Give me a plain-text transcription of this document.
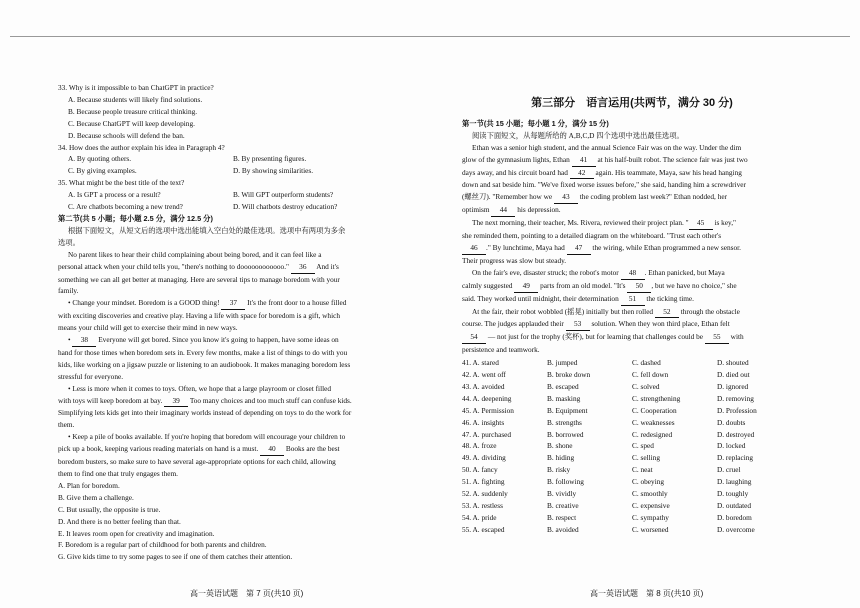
33. Why is it impossible to ban ChatGPT in practice?
A. Because students will likely find solutions.
B. Because people treasure critical thinking.
C. Because ChatGPT will keep developing.
D. Because schools will defend the ban.
34. How does the author explain his idea in Paragraph 4?
A. By quoting others.	B. By presenting figures.
C. By giving examples.	D. By showing similarities.
35. What might be the best title of the text?
A. Is GPT a process or a result?	B. Will GPT outperform students?
C. Are chatbots becoming a new trend?	D. Will chatbots destroy education?
第二节(共 5 小题；每小题 2.5 分，满分 12.5 分)
根据下面短文，从短文后的选项中选出能填入空白处的最佳选项。选项中有两项为多余
选项。
No parent likes to hear their child complaining about being bored, and it can feel like a
personal attack when your child tells you, "there's nothing to doooooooooooo." 36 And it's
something we can all get better at managing. Here are several tips to manage boredom with your
family.
• Change your mindset. Boredom is a GOOD thing! 37 It's the front door to a house filled
with exciting discoveries and creative play. Having a life with space for boredom is a gift, which
means your child will get to exercise their mind in new ways.
• 38 Everyone will get bored. Since you know it's going to happen, have some ideas on
hand for those times when boredom sets in. Every few months, make a list of things to do with you
kids, like working on a jigsaw puzzle or listening to an audiobook. It makes managing boredom less
stressful for everyone.
• Less is more when it comes to toys. Often, we hope that a large playroom or closet filled
with toys will keep boredom at bay. 39 Too many choices and too much stuff can confuse kids.
Simplifying lets kids get into their imaginary worlds instead of depending on toys to do the work for
them.
• Keep a pile of books available. If you're hoping that boredom will encourage your children to
pick up a book, keeping various reading materials on hand is a must. 40 Books are the best
boredom busters, so make sure to have several age-appropriate options for each child, allowing
them to find one that truly engages them.
A. Plan for boredom.
B. Give them a challenge.
C. But usually, the opposite is true.
D. And there is no better feeling than that.
E. It leaves room open for creativity and imagination.
F. Boredom is a regular part of childhood for both parents and children.
G. Give kids time to try some pages to see if one of them catches their attention.
第三部分　语言运用(共两节，满分 30 分)
第一节(共 15 小题；每小题 1 分，满分 15 分)
阅读下面短文，从每题所给的 A,B,C,D 四个选项中选出最佳选项。
Ethan was a senior high student, and the annual Science Fair was on the way. Under the dim
glow of the gymnasium lights, Ethan 41 at his half-built robot. The science fair was just two
days away, and his circuit board had 42 again. His teammate, Maya, saw his head hanging
down and sat beside him. "We've fixed worse issues before," she said, handing him a screwdriver
(螺丝刀). "Remember how we 43 the coding problem last week?" Ethan nodded, her
optimism 44 his depression.
The next morning, their teacher, Ms. Rivera, reviewed their project plan. " 45 is key,"
she reminded them, pointing to a detailed diagram on the whiteboard. "Trust each other's
46 ." By lunchtime, Maya had 47 the wiring, while Ethan programmed a new sensor.
Their progress was slow but steady.
On the fair's eve, disaster struck; the robot's motor 48 . Ethan panicked, but Maya
calmly suggested 49 parts from an old model. "It's 50 , but we have no choice," she
said. They worked until midnight, their determination 51 the ticking time.
At the fair, their robot wobbled (摇晃) initially but then rolled 52 through the obstacle
course. The judges applauded their 53 solution. When they won third place, Ethan felt
54 — not just for the trophy (奖杯), but for learning that challenges could be 55 with
persistence and teamwork.
41. A. stared	B. jumped	C. dashed	D. shouted
42. A. went off	B. broke down	C. fell down	D. died out
43. A. avoided	B. escaped	C. solved	D. ignored
44. A. deepening	B. masking	C. strengthening	D. removing
45. A. Permission	B. Equipment	C. Cooperation	D. Profession
46. A. insights	B. strengths	C. weaknesses	D. doubts
47. A. purchased	B. borrowed	C. redesigned	D. destroyed
48. A. froze	B. shone	C. sped	D. locked
49. A. dividing	B. hiding	C. selling	D. replacing
50. A. fancy	B. risky	C. neat	D. cruel
51. A. fighting	B. following	C. obeying	D. laughing
52. A. suddenly	B. vividly	C. smoothly	D. toughly
53. A. restless	B. creative	C. expensive	D. outdated
54. A. pride	B. respect	C. sympathy	D. boredom
55. A. escaped	B. avoided	C. worsened	D. overcome
高一英语试题　第 7 页(共10 页)	高一英语试题　第 8 页(共10 页)
